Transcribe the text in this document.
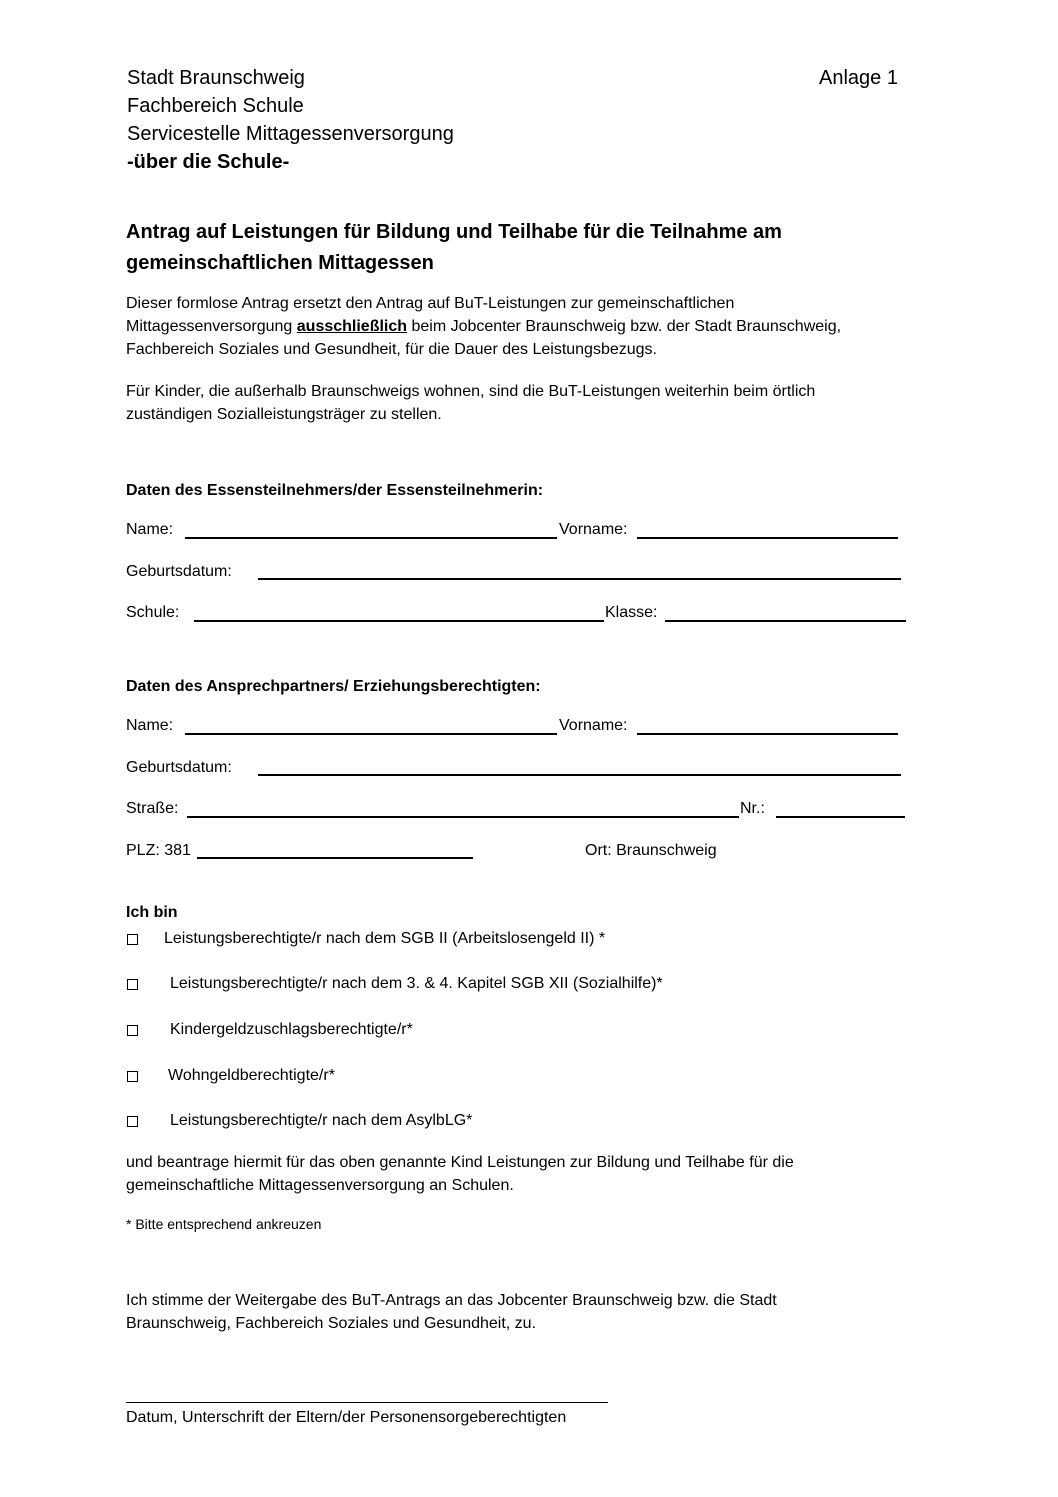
Stadt Braunschweig
Fachbereich Schule
Servicestelle Mittagessenversorgung
-über die Schule-
Anlage 1
Antrag auf Leistungen für Bildung und Teilhabe für die Teilnahme am
gemeinschaftlichen Mittagessen
Dieser formlose Antrag ersetzt den Antrag auf BuT-Leistungen zur gemeinschaftlichen
Mittagessenversorgung ausschließlich beim Jobcenter Braunschweig bzw. der Stadt Braunschweig,
Fachbereich Soziales und Gesundheit, für die Dauer des Leistungsbezugs.
Für Kinder, die außerhalb Braunschweigs wohnen, sind die BuT-Leistungen weiterhin beim örtlich
zuständigen Sozialleistungsträger zu stellen.
Daten des Essensteilnehmers/der Essensteilnehmerin:
Name:	Vorname:
Geburtsdatum:
Schule:	Klasse:
Daten des Ansprechpartners/ Erziehungsberechtigten:
Name:	Vorname:
Geburtsdatum:
Straße:	Nr.:
PLZ: 381	Ort: Braunschweig
Ich bin
Leistungsberechtigte/r nach dem SGB II (Arbeitslosengeld II) *
Leistungsberechtigte/r nach dem 3. & 4. Kapitel SGB XII (Sozialhilfe)*
Kindergeldzuschlagsberechtigte/r*
Wohngeldberechtigte/r*
Leistungsberechtigte/r nach dem AsylbLG*
und beantrage hiermit für das oben genannte Kind Leistungen zur Bildung und Teilhabe für die
gemeinschaftliche Mittagessenversorgung an Schulen.
* Bitte entsprechend ankreuzen
Ich stimme der Weitergabe des BuT-Antrags an das Jobcenter Braunschweig bzw. die Stadt
Braunschweig, Fachbereich Soziales und Gesundheit, zu.
Datum, Unterschrift der Eltern/der Personensorgeberechtigten
